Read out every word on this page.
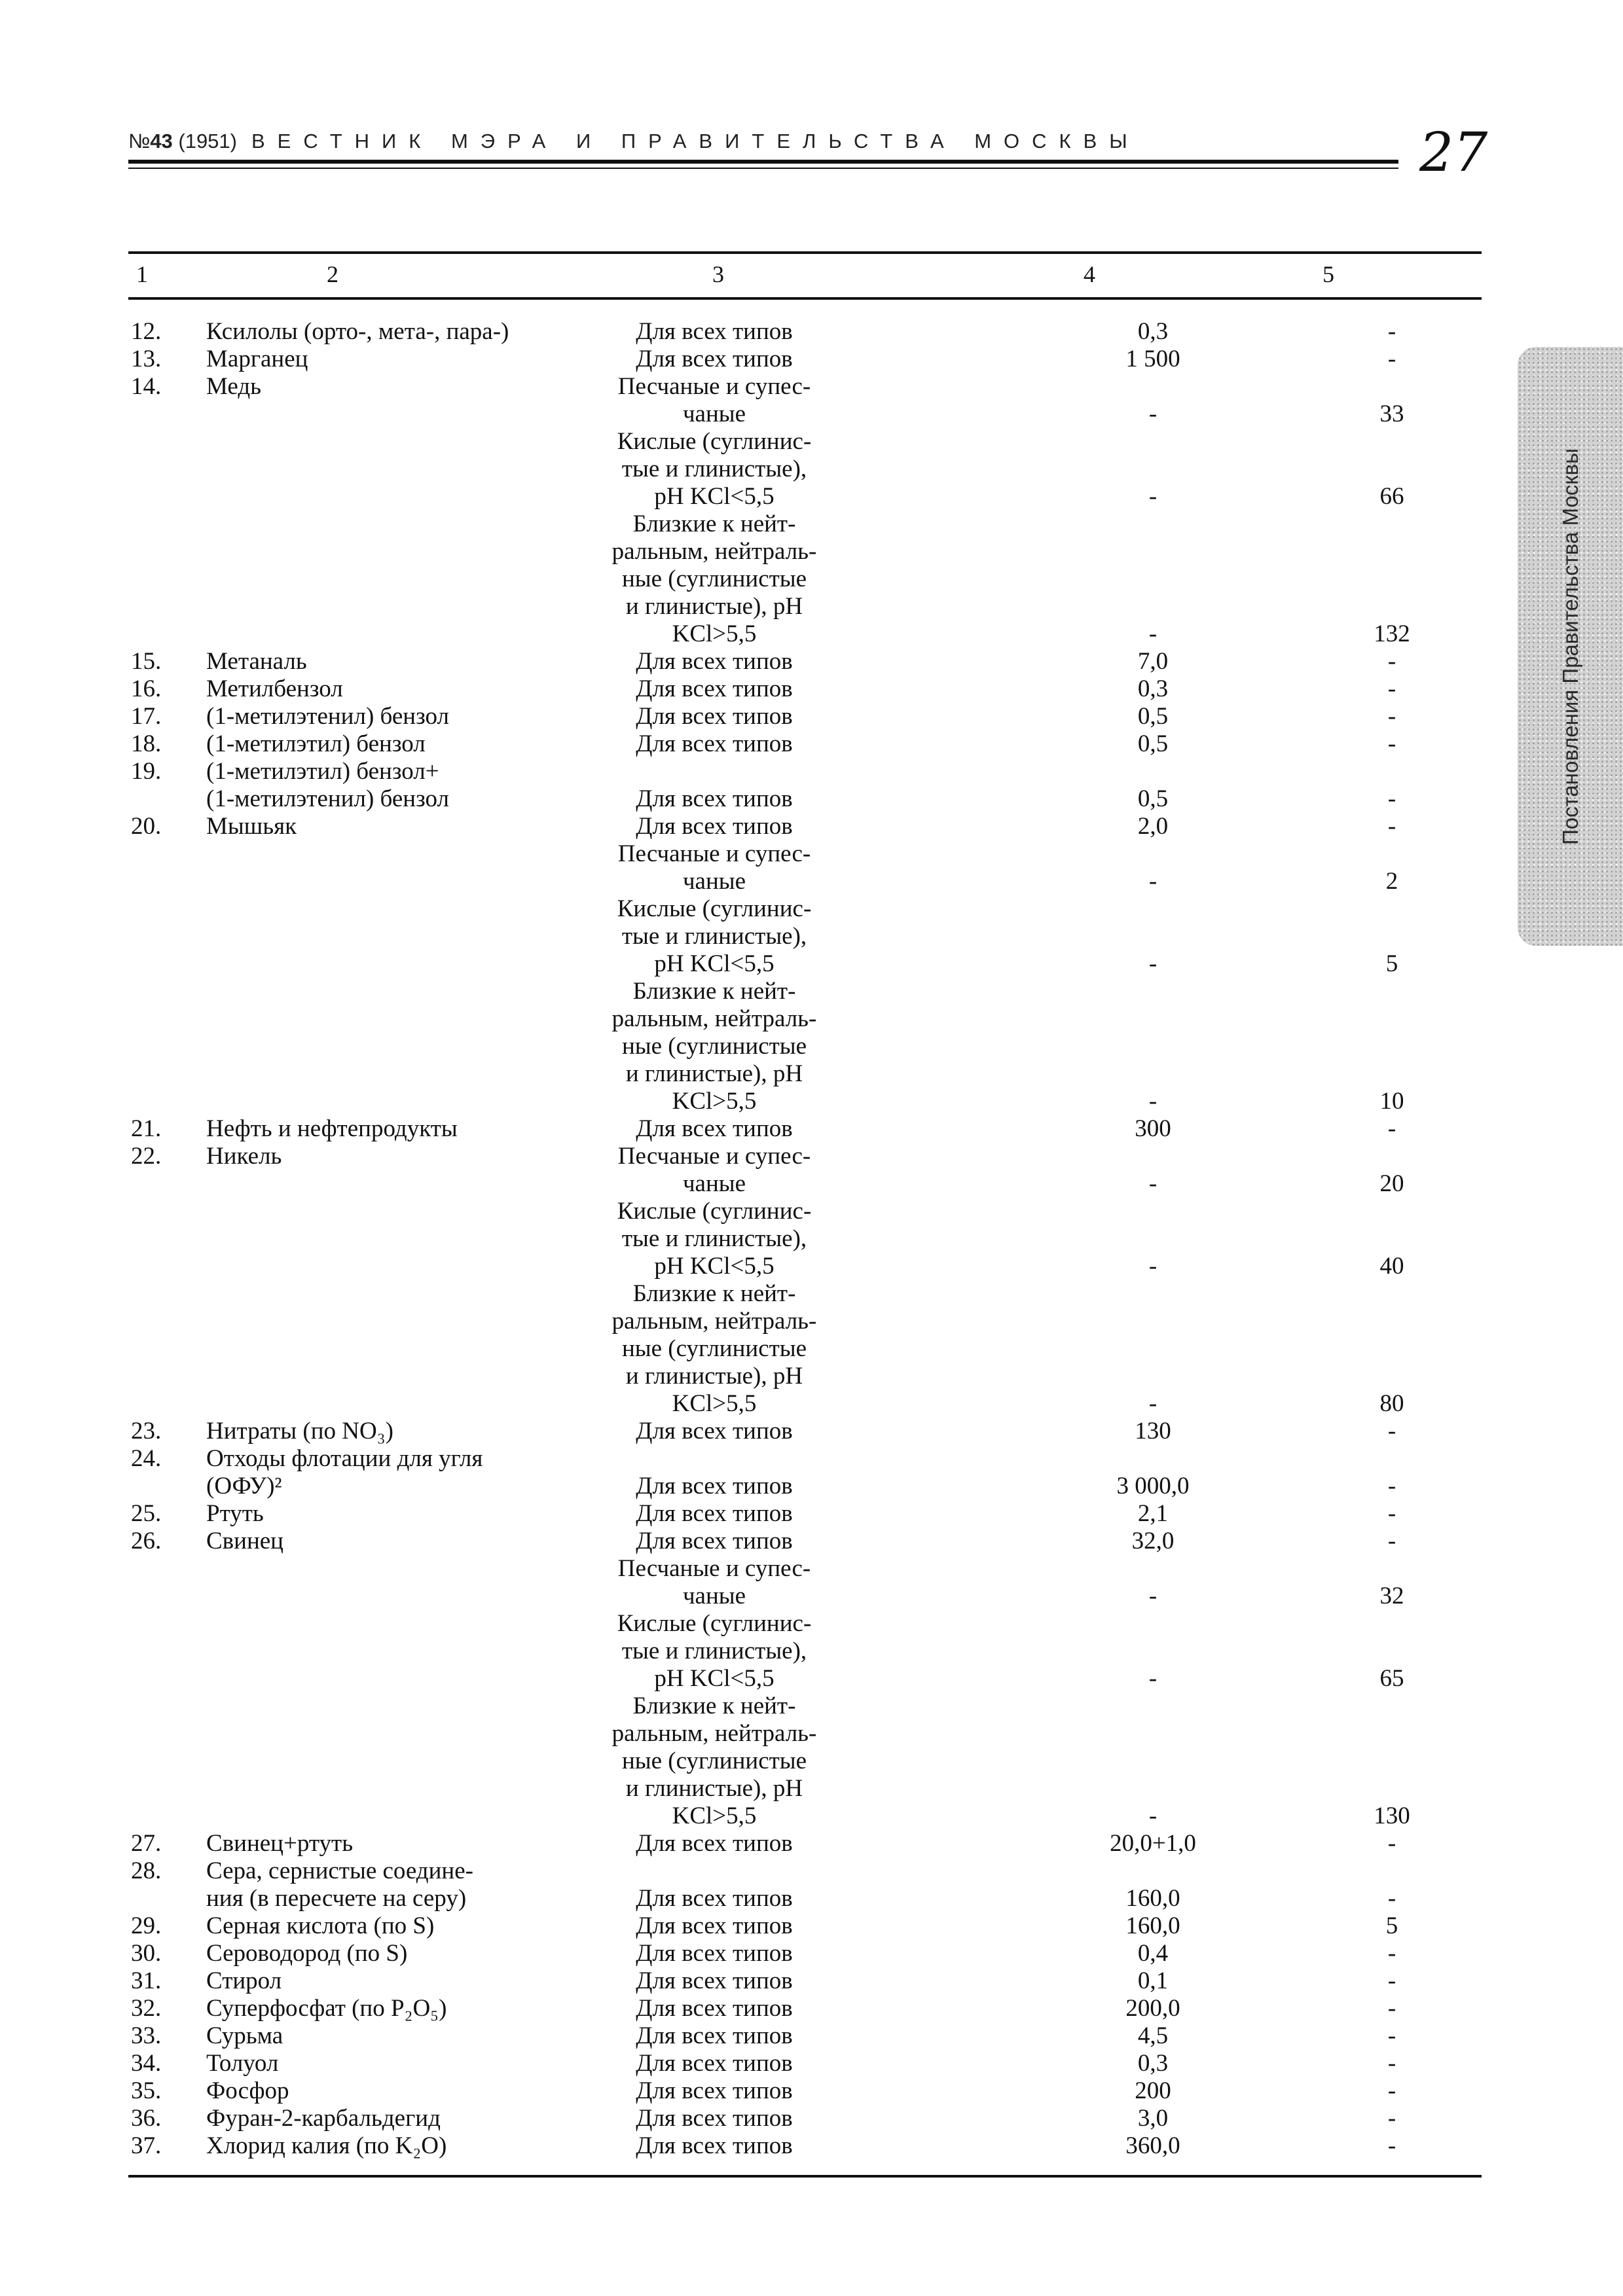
№43 (1951) ВЕСТНИК МЭРА И ПРАВИТЕЛЬСТВА МОСКВЫ	27
Постановления Правительства Москвы
1	2	3	4	5
12.	Ксилолы (орто-, мета-, пара-)	Для всех типов	0,3	-
13.	Марганец	Для всех типов	1 500	-
14.	Медь	Песчаные и супес-
чаные	-	33
Кислые (суглинис-
тые и глинистые),
pH KCl<5,5	-	66
Близкие к нейт-
ральным, нейтраль-
ные (суглинистые
и глинистые), pH
KCl>5,5	-	132
15.	Метаналь	Для всех типов	7,0	-
16.	Метилбензол	Для всех типов	0,3	-
17.	(1-метилэтенил) бензол	Для всех типов	0,5	-
18.	(1-метилэтил) бензол	Для всех типов	0,5	-
19.	(1-метилэтил) бензол+
(1-метилэтенил) бензол	Для всех типов	0,5	-
20.	Мышьяк	Для всех типов	2,0	-
Песчаные и супес-
чаные	-	2
Кислые (суглинис-
тые и глинистые),
pH KCl<5,5	-	5
Близкие к нейт-
ральным, нейтраль-
ные (суглинистые
и глинистые), pH
KCl>5,5	-	10
21.	Нефть и нефтепродукты	Для всех типов	300	-
22.	Никель	Песчаные и супес-
чаные	-	20
Кислые (суглинис-
тые и глинистые),
pH KCl<5,5	-	40
Близкие к нейт-
ральным, нейтраль-
ные (суглинистые
и глинистые), pH
KCl>5,5	-	80
23.	Нитраты (по NO₃)	Для всех типов	130	-
24.	Отходы флотации для угля
(ОФУ)²	Для всех типов	3 000,0	-
25.	Ртуть	Для всех типов	2,1	-
26.	Свинец	Для всех типов	32,0	-
Песчаные и супес-
чаные	-	32
Кислые (суглинис-
тые и глинистые),
pH KCl<5,5	-	65
Близкие к нейт-
ральным, нейтраль-
ные (суглинистые
и глинистые), pH
KCl>5,5	-	130
27.	Свинец+ртуть	Для всех типов	20,0+1,0	-
28.	Сера, сернистые соедине-
ния (в пересчете на серу)	Для всех типов	160,0	-
29.	Серная кислота (по S)	Для всех типов	160,0	5
30.	Сероводород (по S)	Для всех типов	0,4	-
31.	Стирол	Для всех типов	0,1	-
32.	Суперфосфат (по P₂O₅)	Для всех типов	200,0	-
33.	Сурьма	Для всех типов	4,5	-
34.	Толуол	Для всех типов	0,3	-
35.	Фосфор	Для всех типов	200	-
36.	Фуран-2-карбальдегид	Для всех типов	3,0	-
37.	Хлорид калия (по K₂O)	Для всех типов	360,0	-
